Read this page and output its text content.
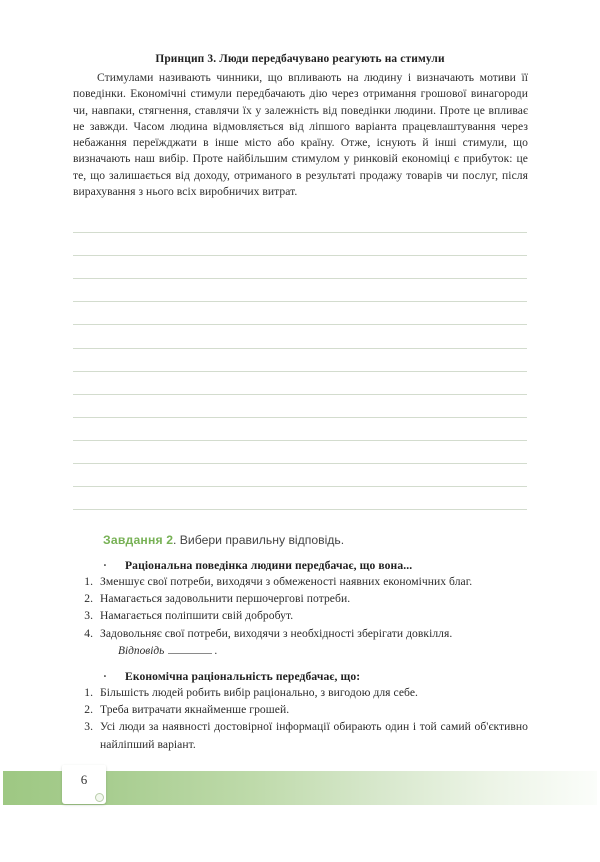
Принцип 3. Люди передбачувано реагують на стимули
Стимулами називають чинники, що впливають на людину і визначають мотиви її поведінки. Економічні стимули передбачають дію через отримання грошової винагороди чи, навпаки, стягнення, ставлячи їх у залежність від поведінки людини. Проте це впливає не завжди. Часом людина відмовляється від ліпшого варіанта працевлаштування через небажання переїжджати в інше місто або країну. Отже, існують й інші стимули, що визначають наш вибір. Проте найбільшим стимулом у ринковій економіці є прибуток: це те, що залишається від доходу, отриманого в результаті продажу товарів чи послуг, після вирахування з нього всіх виробничих витрат.
Завдання 2. Вибери правильну відповідь.
· Раціональна поведінка людини передбачає, що вона...
1. Зменшує свої потреби, виходячи з обмеженості наявних економічних благ.
2. Намагається задовольнити першочергові потреби.
3. Намагається поліпшити свій добробут.
4. Задовольняє свої потреби, виходячи з необхідності зберігати довкілля.
Відповідь	.
· Економічна раціональність передбачає, що:
1. Більшість людей робить вибір раціонально, з вигодою для себе.
2. Треба витрачати якнайменше грошей.
3. Усі люди за наявності достовірної інформації обирають один і той самий об'єктивно найліпший варіант.
6
